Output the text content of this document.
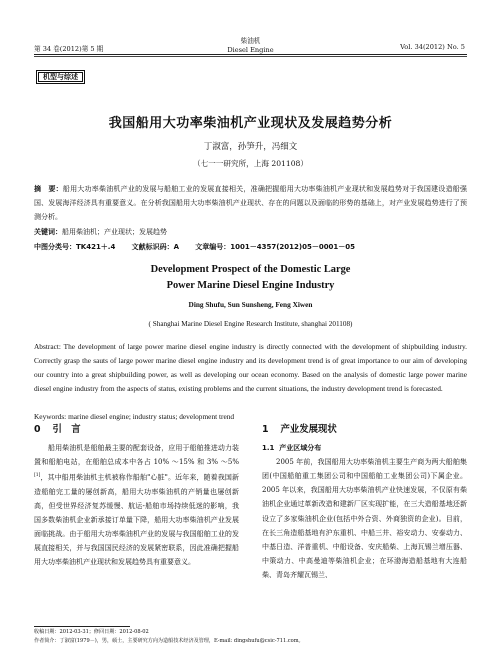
第 34 卷(2012)第 5 期
柴油机
Diesel Engine	Vol. 34(2012) No. 5
机型与综述
我国船用大功率柴油机产业现状及发展趋势分析
丁淑富，孙笋升，冯细文
（七一一研究所，上海 201108）
摘　要：船用大功率柴油机产业的发展与船舶工业的发展直接相关，准确把握船用大功率柴油机产业现状和发展趋势对于我国建设造船强国、发展海洋经济具有重要意义。在分析我国船用大功率柴油机产业现状、存在的问题以及面临的形势的基础上，对产业发展趋势进行了预测分析。
关键词：船用柴油机；产业现状；发展趋势
中图分类号：TK421＋.4 文献标识码：A 文章编号：1001－4357(2012)05－0001－05
Development Prospect of the Domestic Large
Power Marine Diesel Engine Industry
Ding Shufu, Sun Sunsheng, Feng Xiwen
( Shanghai Marine Diesel Engine Research Institute, shanghai 201108)
Abstract: The development of large power marine diesel engine industry is directly connected with the development of shipbuilding industry. Correctly grasp the sauts of large power marine diesel engine industry and its development trend is of great importance to our aim of developing our country into a great shipbuilding power, as well as developing our ocean economy. Based on the analysis of domestic large power marine diesel engine industry from the aspects of status, existing problems and the current situations, the industry development trend is forecasted.
Keywords: marine diesel engine; industry status; development trend
0 引　言

船用柴油机是船舶最主要的配套设备，应用于船舶推进动力装置和船舶电站，在船舶总成本中各占 10% ～15% 和 3% ～5%[1]，其中船用柴油机主机被称作船舶"心脏"。近年来，随着我国新造船舶完工量的屡创新高，船用大功率柴油机的产销量也屡创新高，但受世界经济复苏缓慢、航运-船舶市场持续低迷的影响，我国多数柴油机企业新承接订单量下降，船用大功率柴油机产业发展面临挑战。由于船用大功率柴油机产业的发展与我国船舶工业的发展直接相关，并与我国国民经济的发展紧密联系，因此准确把握船用大功率柴油机产业现状和发展趋势具有重要意义。

1 产业发展现状
1.1 产业区域分布

2005 年前，我国船用大功率柴油机主要生产商为两大船舶集团(中国船舶重工集团公司和中国船舶工业集团公司)下属企业。2005 年以来，我国船用大功率柴油机产业快速发展，不仅原有柴油机企业通过革新改造和建新厂区实现扩能，在三大造船基地还新设立了多家柴油机企业(包括中外合资、外商独资的企业)。目前，在长三角造船基地有沪东重机、中船三井、裕安动力、安泰动力、中基日造、洋普重机、中船设备、安庆船柴、上海瓦锡兰增压器、中策动力、中高曼迪等柴油机企业；在环渤海造船基地有大连船柴、青岛齐耀瓦锡兰、

收稿日期：2012-03-31；修回日期：2012-08-02
作者简介：丁淑富(1979－)，男，硕士，主要研究方向为造船技术经济及管理，E-mail: dingshufu@csic-711.com。
